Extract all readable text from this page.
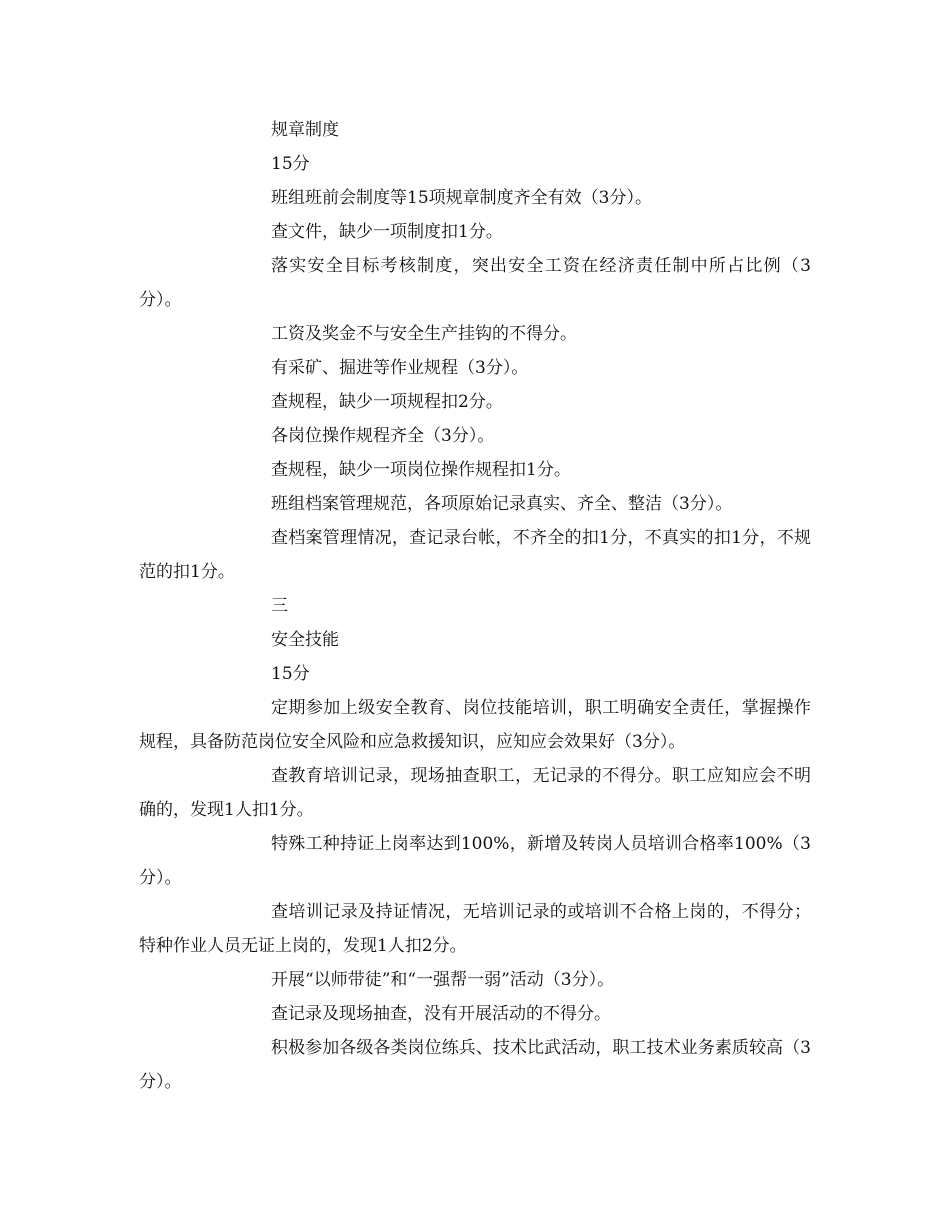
规章制度

15分

班组班前会制度等15项规章制度齐全有效（3分）。

查文件，缺少一项制度扣1分。

落实安全目标考核制度，突出安全工资在经济责任制中所占比例（3分）。

工资及奖金不与安全生产挂钩的不得分。

有采矿、掘进等作业规程（3分）。

查规程，缺少一项规程扣2分。

各岗位操作规程齐全（3分）。

查规程，缺少一项岗位操作规程扣1分。

班组档案管理规范，各项原始记录真实、齐全、整洁（3分）。

查档案管理情况，查记录台帐，不齐全的扣1分，不真实的扣1分，不规范的扣1分。

三

安全技能

15分

定期参加上级安全教育、岗位技能培训，职工明确安全责任，掌握操作规程，具备防范岗位安全风险和应急救援知识，应知应会效果好（3分）。

查教育培训记录，现场抽查职工，无记录的不得分。职工应知应会不明确的，发现1人扣1分。

特殊工种持证上岗率达到100%，新增及转岗人员培训合格率100%（3分）。

查培训记录及持证情况，无培训记录的或培训不合格上岗的，不得分；特种作业人员无证上岗的，发现1人扣2分。

开展“以师带徒”和“一强帮一弱”活动（3分）。

查记录及现场抽查，没有开展活动的不得分。

积极参加各级各类岗位练兵、技术比武活动，职工技术业务素质较高（3分）。
